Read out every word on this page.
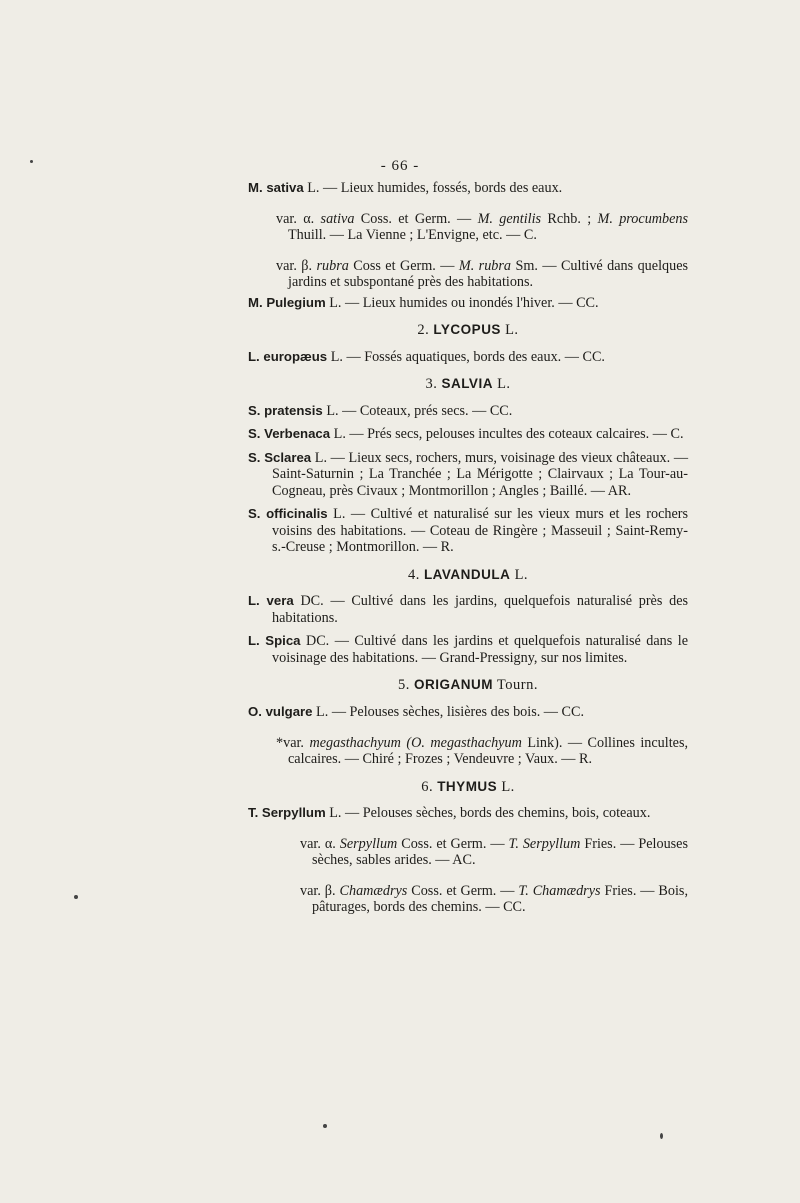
- 66 -

M. sativa L. — Lieux humides, fossés, bords des eaux.

var. α. sativa Coss. et Germ. — M. gentilis Rchb. ; M. procumbens Thuill. — La Vienne ; L'Envigne, etc. — C.

var. β. rubra Coss et Germ. — M. rubra Sm. — Cultivé dans quelques jardins et subspontané près des habitations.

M. Pulegium L. — Lieux humides ou inondés l'hiver. — CC.

2. LYCOPUS L.

L. europæus L. — Fossés aquatiques, bords des eaux. — CC.

3. SALVIA L.

S. pratensis L. — Coteaux, prés secs. — CC.

S. Verbenaca L. — Prés secs, pelouses incultes des coteaux calcaires. — C.

S. Sclarea L. — Lieux secs, rochers, murs, voisinage des vieux châteaux. — Saint-Saturnin ; La Tranchée ; La Mérigotte ; Clairvaux ; La Tour-au-Cogneau, près Civaux ; Montmorillon ; Angles ; Baillé. — AR.

S. officinalis L. — Cultivé et naturalisé sur les vieux murs et les rochers voisins des habitations. — Coteau de Ringère ; Masseuil ; Saint-Remy-s.-Creuse ; Montmorillon. — R.

4. LAVANDULA L.

L. vera DC. — Cultivé dans les jardins, quelquefois naturalisé près des habitations.

L. Spica DC. — Cultivé dans les jardins et quelquefois naturalisé dans le voisinage des habitations. — Grand-Pressigny, sur nos limites.

5. ORIGANUM Tourn.

O. vulgare L. — Pelouses sèches, lisières des bois. — CC.

*var. megasthachyum (O. megasthachyum Link). — Collines incultes, calcaires. — Chiré ; Frozes ; Vendeuvre ; Vaux. — R.

6. THYMUS L.

T. Serpyllum L. — Pelouses sèches, bords des chemins, bois, coteaux.

var. α. Serpyllum Coss. et Germ. — T. Serpyllum Fries. — Pelouses sèches, sables arides. — AC.

var. β. Chamædrys Coss. et Germ. — T. Chamædrys Fries. — Bois, pâturages, bords des chemins. — CC.
